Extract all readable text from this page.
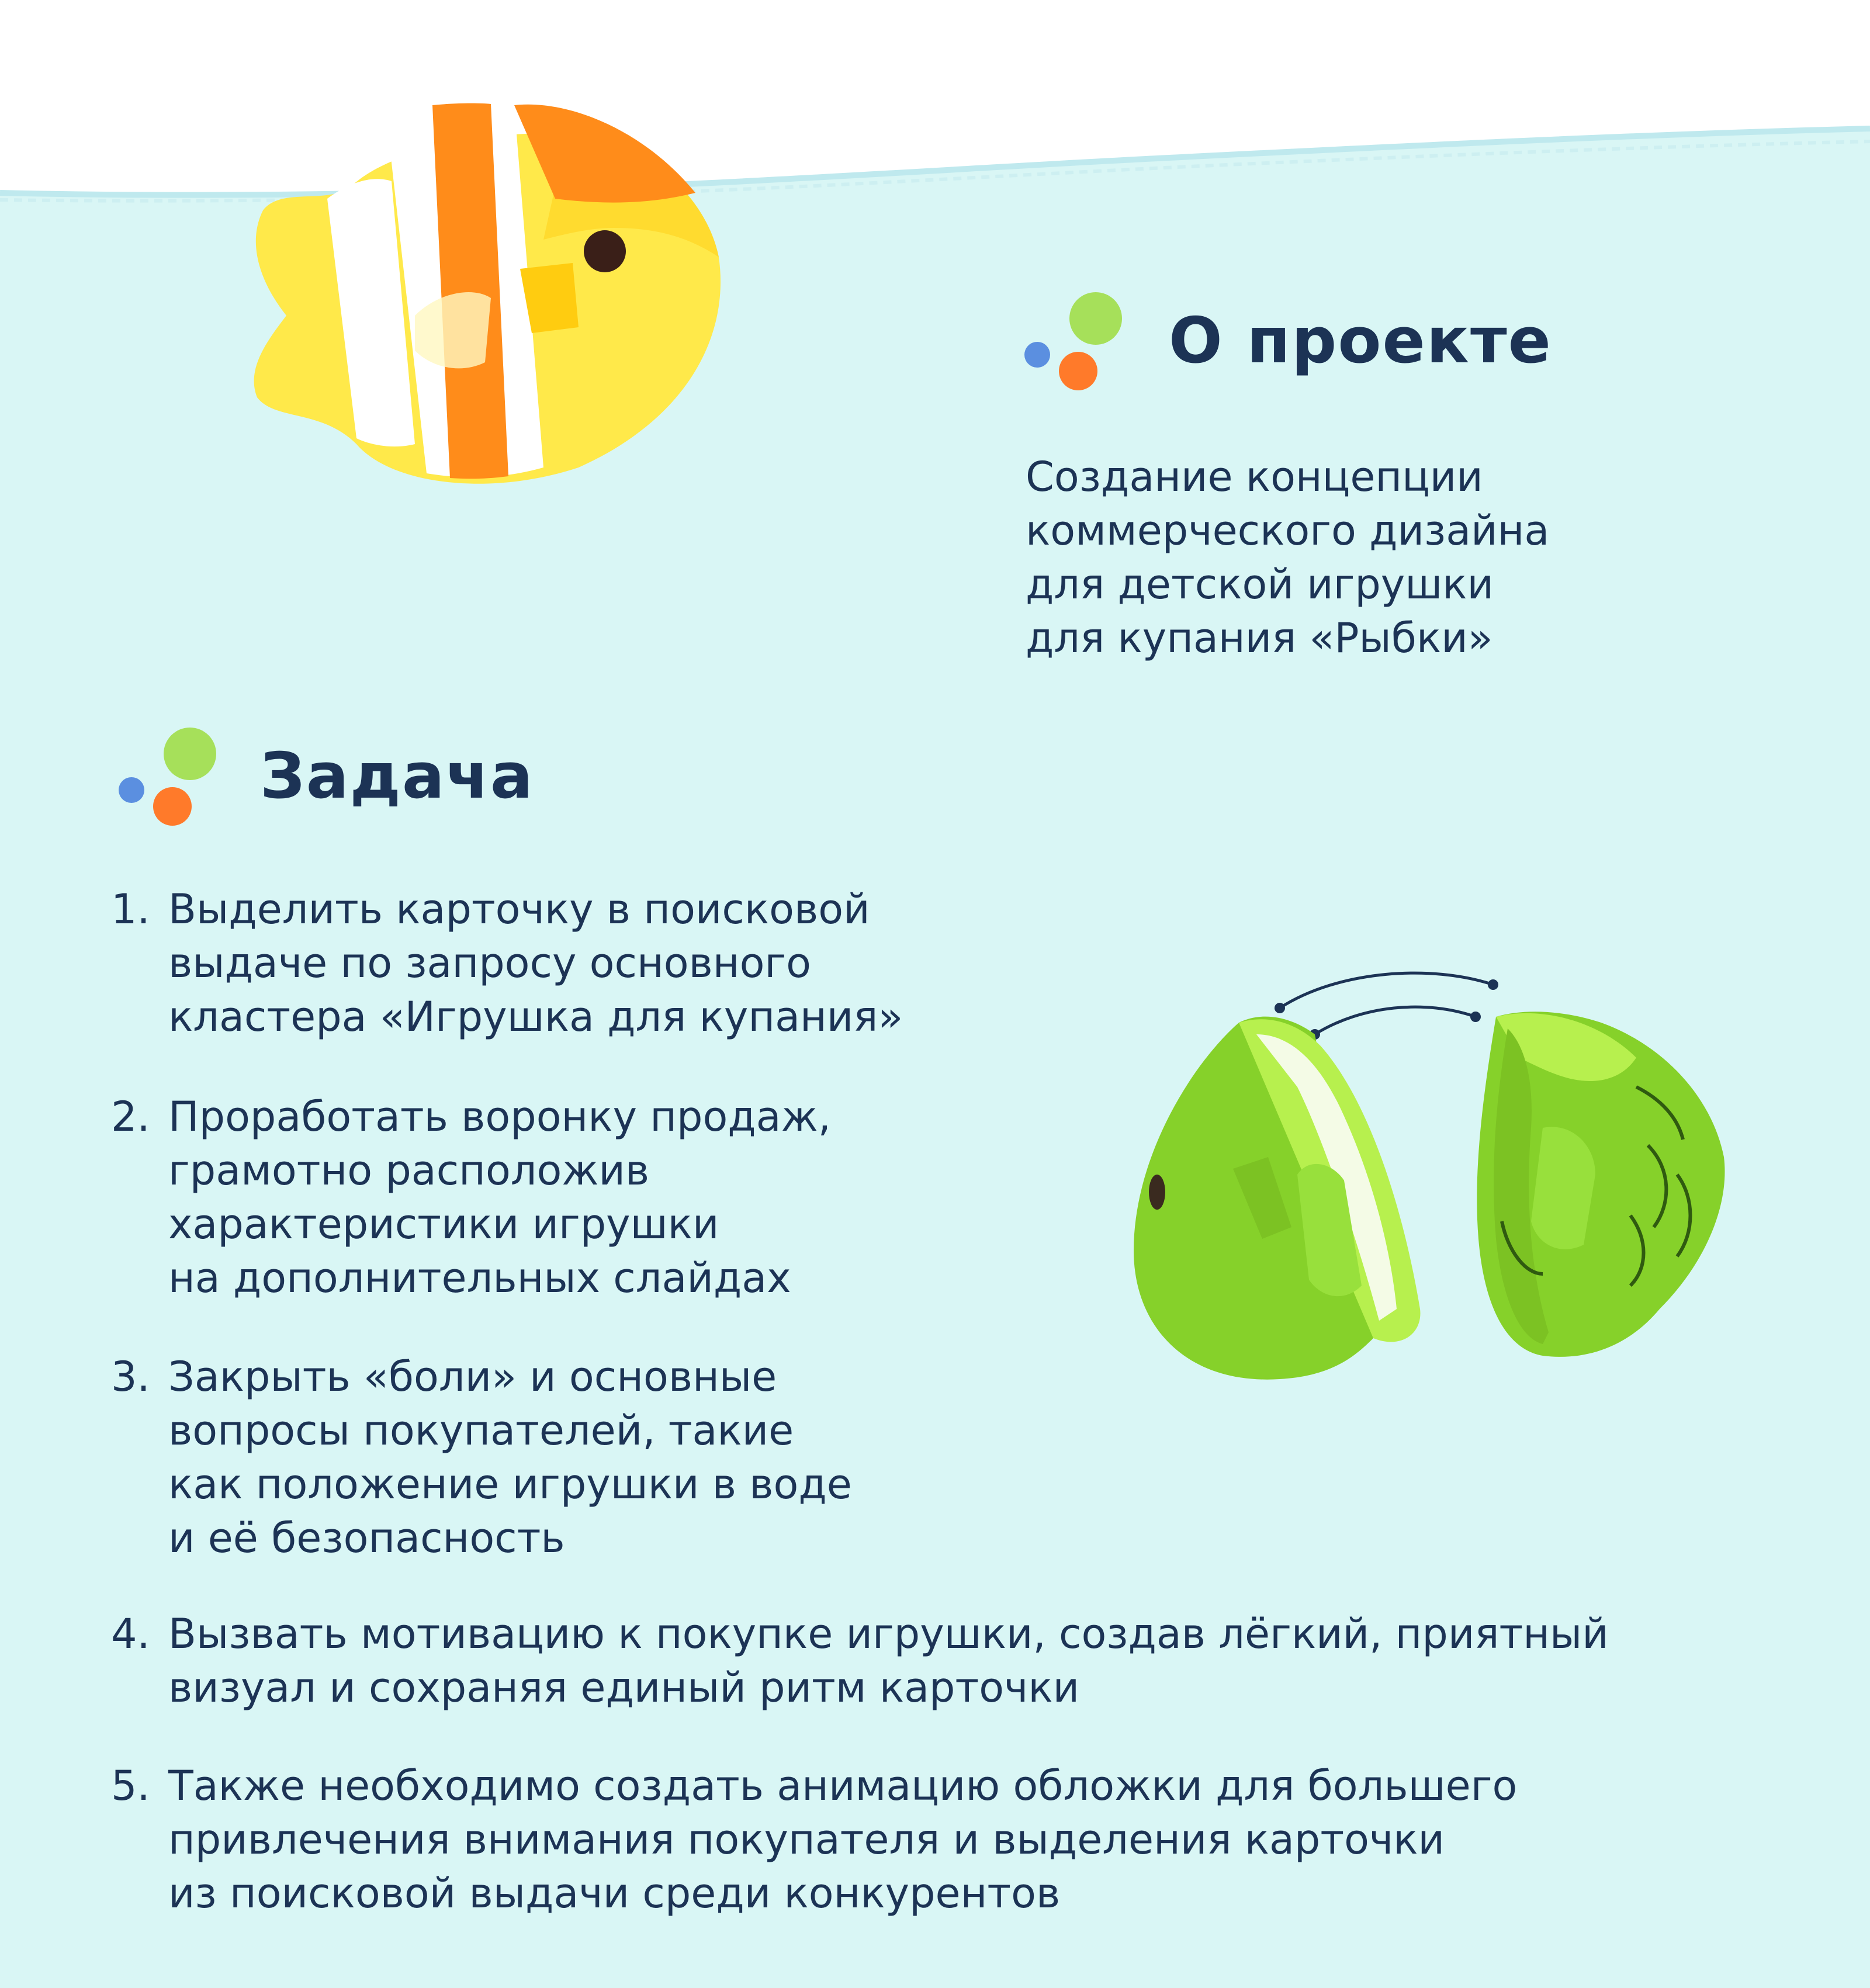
О проекте
Создание концепции
коммерческого дизайна
для детской игрушки
для купания «Рыбки»
Задача
1. Выделить карточку в поисковой
выдаче по запросу основного
кластера «Игрушка для купания»
2. Проработать воронку продаж,
грамотно расположив
характеристики игрушки
на дополнительных слайдах
3. Закрыть «боли» и основные
вопросы покупателей, такие
как положение игрушки в воде
и её безопасность
4. Вызвать мотивацию к покупке игрушки, создав лёгкий, приятный
визуал и сохраняя единый ритм карточки
5. Также необходимо создать анимацию обложки для большего
привлечения внимания покупателя и выделения карточки
из поисковой выдачи среди конкурентов
